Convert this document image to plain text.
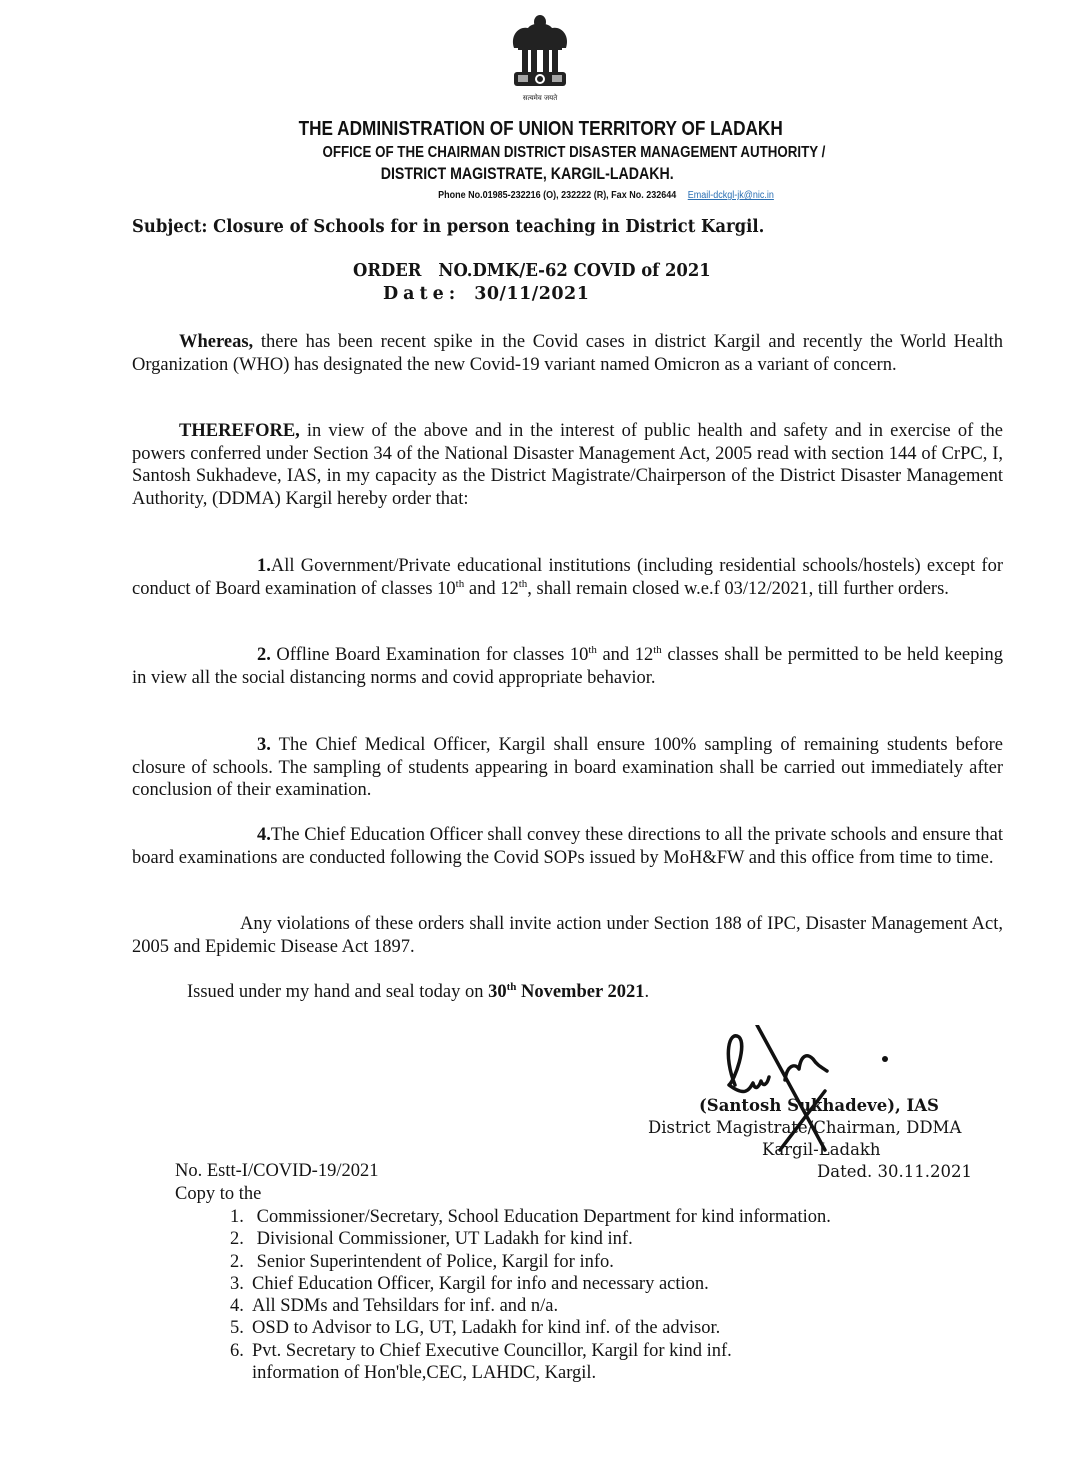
सत्यमेव जयते
THE ADMINISTRATION OF UNION TERRITORY OF LADAKH
OFFICE OF THE CHAIRMAN DISTRICT DISASTER MANAGEMENT AUTHORITY /
DISTRICT MAGISTRATE, KARGIL-LADAKH.
Phone No.01985-232216 (O), 232222 (R), Fax No. 232644 Email-dckgl-jk@nic.in
Subject: Closure of Schools for in person teaching in District Kargil.
ORDER NO.DMK/E-62 COVID of 2021
Date: 30/11/2021
Whereas, there has been recent spike in the Covid cases in district Kargil and recently the World Health Organization (WHO) has designated the new Covid-19 variant named Omicron as a variant of concern.
THEREFORE, in view of the above and in the interest of public health and safety and in exercise of the powers conferred under Section 34 of the National Disaster Management Act, 2005 read with section 144 of CrPC, I, Santosh Sukhadeve, IAS, in my capacity as the District Magistrate/Chairperson of the District Disaster Management Authority, (DDMA) Kargil hereby order that:
1.All Government/Private educational institutions (including residential schools/hostels) except for conduct of Board examination of classes 10th and 12th, shall remain closed w.e.f 03/12/2021, till further orders.
2. Offline Board Examination for classes 10th and 12th classes shall be permitted to be held keeping in view all the social distancing norms and covid appropriate behavior.
3. The Chief Medical Officer, Kargil shall ensure 100% sampling of remaining students before closure of schools. The sampling of students appearing in board examination shall be carried out immediately after conclusion of their examination.
4.The Chief Education Officer shall convey these directions to all the private schools and ensure that board examinations are conducted following the Covid SOPs issued by MoH&FW and this office from time to time.
Any violations of these orders shall invite action under Section 188 of IPC, Disaster Management Act, 2005 and Epidemic Disease Act 1897.
Issued under my hand and seal today on 30th November 2021.
(Santosh Sukhadeve), IAS
District Magistrate/Chairman, DDMA
Kargil-Ladakh
Dated. 30.11.2021
No. Estt-I/COVID-19/2021
Copy to the
1. Commissioner/Secretary, School Education Department for kind information.
2. Divisional Commissioner, UT Ladakh for kind inf.
2. Senior Superintendent of Police, Kargil for info.
3. Chief Education Officer, Kargil for info and necessary action.
4. All SDMs and Tehsildars for inf. and n/a.
5. OSD to Advisor to LG, UT, Ladakh for kind inf. of the advisor.
6. Pvt. Secretary to Chief Executive Councillor, Kargil for kind inf.
information of Hon'ble,CEC, LAHDC, Kargil.
